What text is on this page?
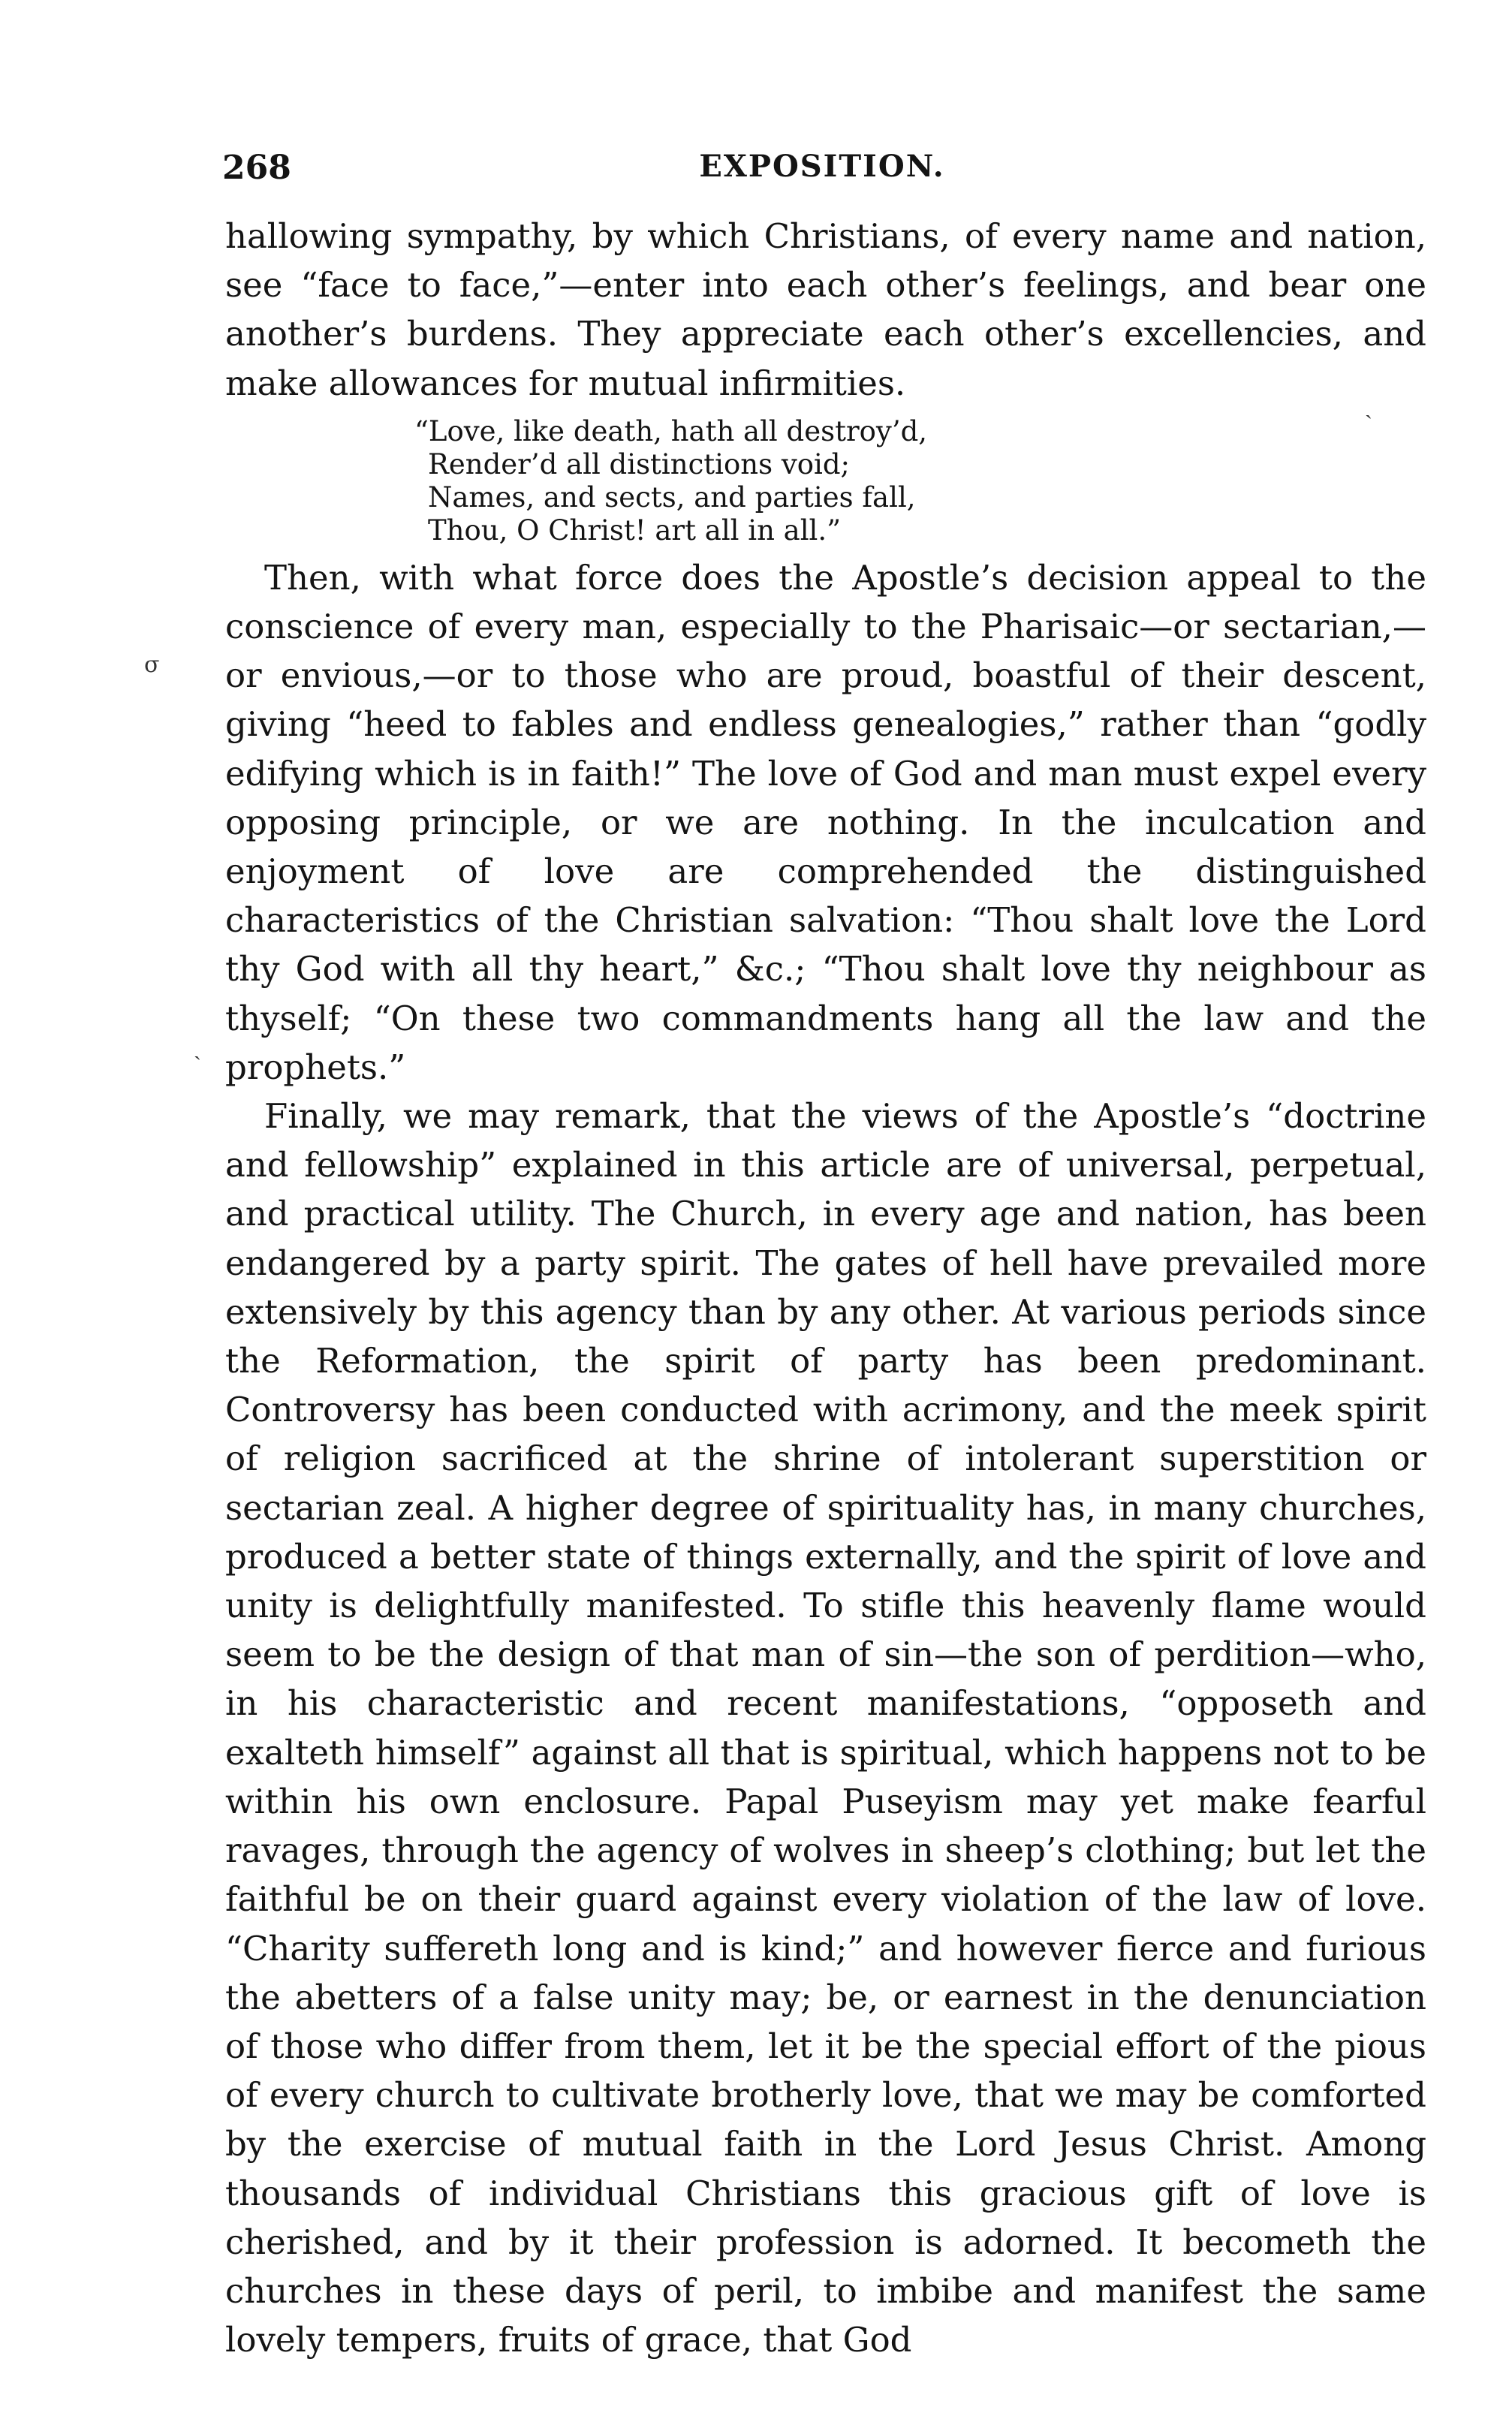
268	EXPOSITION.

hallowing sympathy, by which Christians, of every name and nation, see “face to face,”—enter into each other’s feelings, and bear one another’s burdens. They appreciate each other’s excellencies, and make allowances for mutual infirmities.

“Love, like death, hath all destroy’d,
Render’d all distinctions void;
Names, and sects, and parties fall,
Thou, O Christ! art all in all.”

Then, with what force does the Apostle’s decision appeal to the conscience of every man, especially to the Pharisaic—or sectarian,—or envious,—or to those who are proud, boastful of their descent, giving “heed to fables and endless genealogies,” rather than “godly edifying which is in faith!” The love of God and man must expel every opposing principle, or we are nothing. In the inculcation and enjoyment of love are comprehended the distinguished characteristics of the Christian salvation: “Thou shalt love the Lord thy God with all thy heart,” &c.; “Thou shalt love thy neighbour as thyself; “On these two commandments hang all the law and the prophets.”

Finally, we may remark, that the views of the Apostle’s “doctrine and fellowship” explained in this article are of universal, perpetual, and practical utility. The Church, in every age and nation, has been endangered by a party spirit. The gates of hell have prevailed more extensively by this agency than by any other. At various periods since the Reformation, the spirit of party has been predominant. Controversy has been conducted with acrimony, and the meek spirit of religion sacrificed at the shrine of intolerant superstition or sectarian zeal. A higher degree of spirituality has, in many churches, produced a better state of things externally, and the spirit of love and unity is delightfully manifested. To stifle this heavenly flame would seem to be the design of that man of sin—the son of perdition—who, in his characteristic and recent manifestations, “opposeth and exalteth himself” against all that is spiritual, which happens not to be within his own enclosure. Papal Puseyism may yet make fearful ravages, through the agency of wolves in sheep’s clothing; but let the faithful be on their guard against every violation of the law of love. “Charity suffereth long and is kind;” and however fierce and furious the abetters of a false unity may; be, or earnest in the denunciation of those who differ from them, let it be the special effort of the pious of every church to cultivate brotherly love, that we may be comforted by the exercise of mutual faith in the Lord Jesus Christ. Among thousands of individual Christians this gracious gift of love is cherished, and by it their profession is adorned. It becometh the churches in these days of peril, to imbibe and manifest the same lovely tempers, fruits of grace, that God

σ
ˎ
ˎ
